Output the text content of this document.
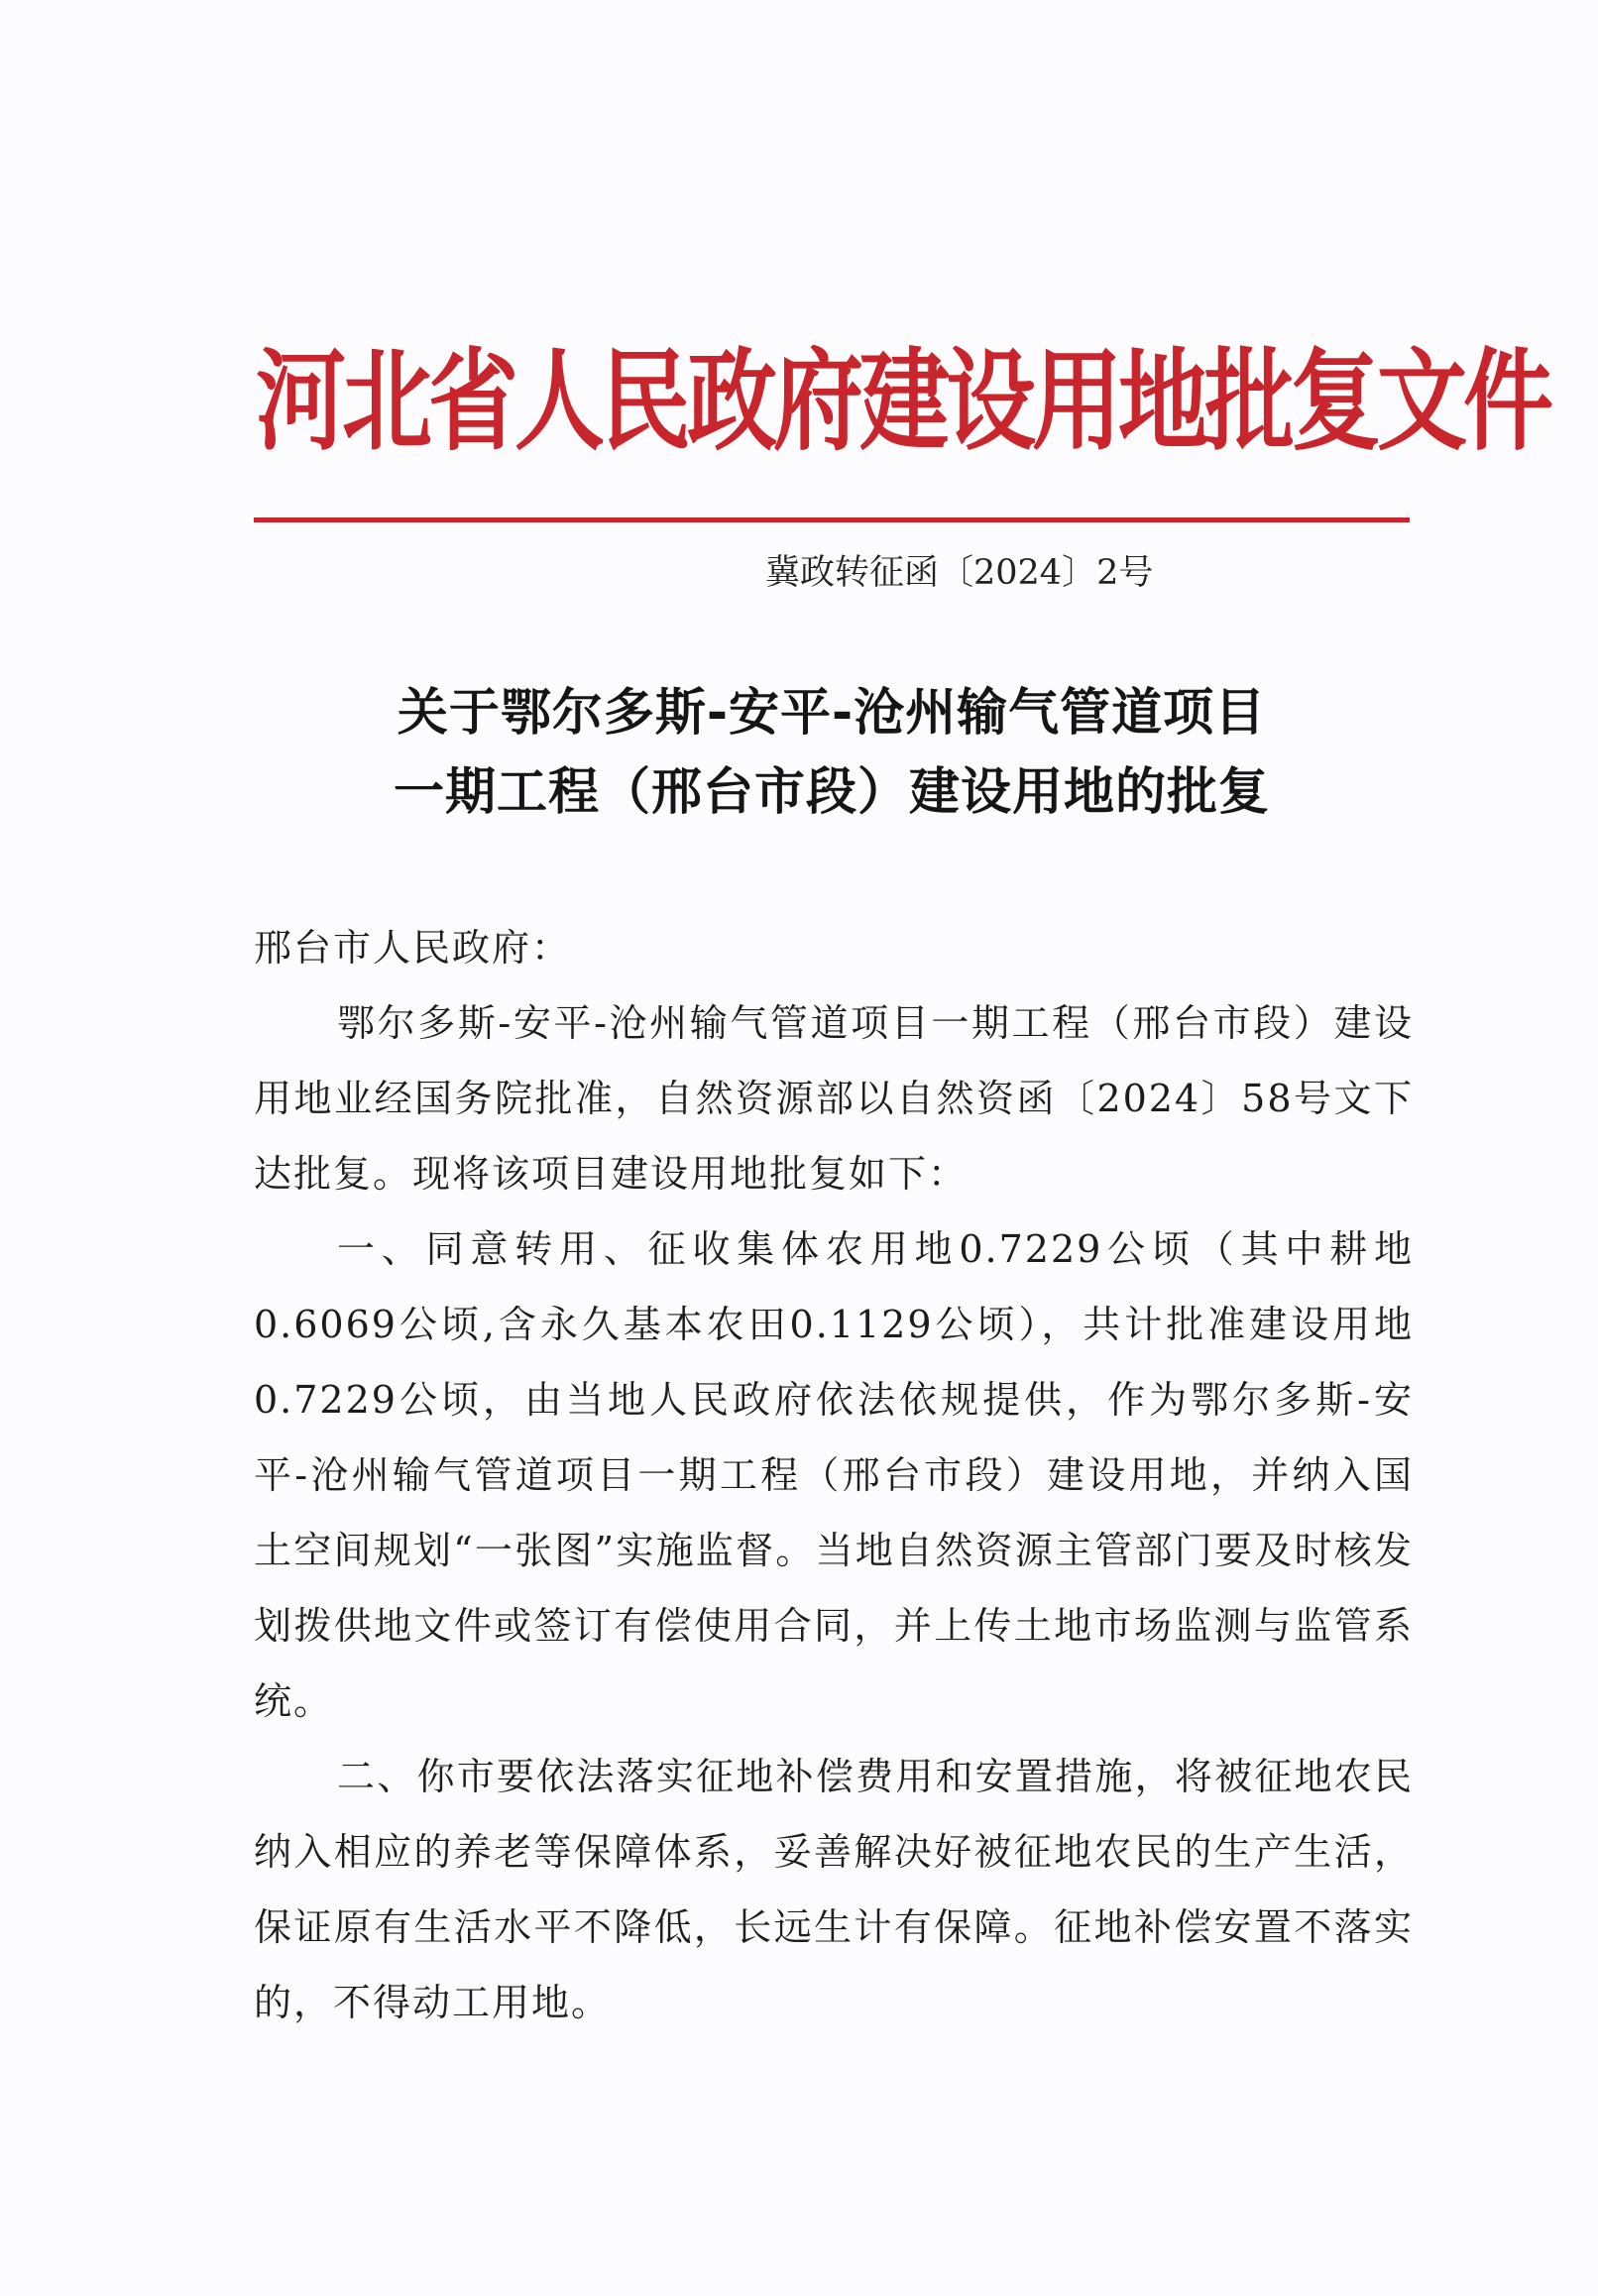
河北省人民政府建设用地批复文件
冀政转征函〔2024〕2号
关于鄂尔多斯-安平-沧州输气管道项目
一期工程（邢台市段）建设用地的批复

邢台市人民政府：

鄂尔多斯-安平-沧州输气管道项目一期工程（邢台市段）建设用地业经国务院批准，自然资源部以自然资函〔2024〕58号文下达批复。现将该项目建设用地批复如下：

一、同意转用、征收集体农用地0.7229公顷（其中耕地0.6069公顷,含永久基本农田0.1129公顷），共计批准建设用地0.7229公顷，由当地人民政府依法依规提供，作为鄂尔多斯-安平-沧州输气管道项目一期工程（邢台市段）建设用地，并纳入国土空间规划“一张图”实施监督。当地自然资源主管部门要及时核发划拨供地文件或签订有偿使用合同，并上传土地市场监测与监管系统。

二、你市要依法落实征地补偿费用和安置措施，将被征地农民纳入相应的养老等保障体系，妥善解决好被征地农民的生产生活，保证原有生活水平不降低，长远生计有保障。征地补偿安置不落实的，不得动工用地。
